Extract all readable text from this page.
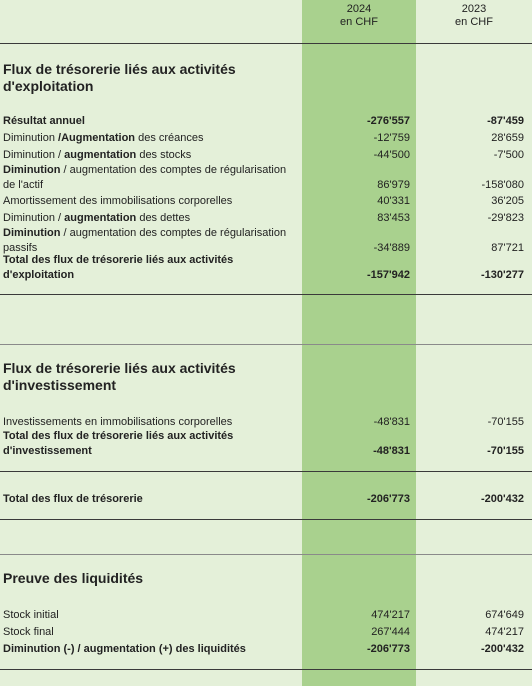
2024
en CHF
2023
en CHF
Flux de trésorerie liés aux activités
d'exploitation
Résultat annuel	-276'557	-87'459
Diminution /Augmentation des créances	-12'759	28'659
Diminution / augmentation des stocks	-44'500	-7'500
Diminution / augmentation des comptes de régularisation
de l'actif	86'979	-158'080
Amortissement des immobilisations corporelles	40'331	36'205
Diminution / augmentation des dettes	83'453	-29'823
Diminution / augmentation des comptes de régularisation
passifs	-34'889	87'721
Total des flux de trésorerie liés aux activités
d'exploitation	-157'942	-130'277
Flux de trésorerie liés aux activités
d'investissement
Investissements en immobilisations corporelles	-48'831	-70'155
Total des flux de trésorerie liés aux activités
d'investissement	-48'831	-70'155
Total des flux de trésorerie	-206'773	-200'432
Preuve des liquidités
Stock initial	474'217	674'649
Stock final	267'444	474'217
Diminution (-) / augmentation (+) des liquidités	-206'773	-200'432
